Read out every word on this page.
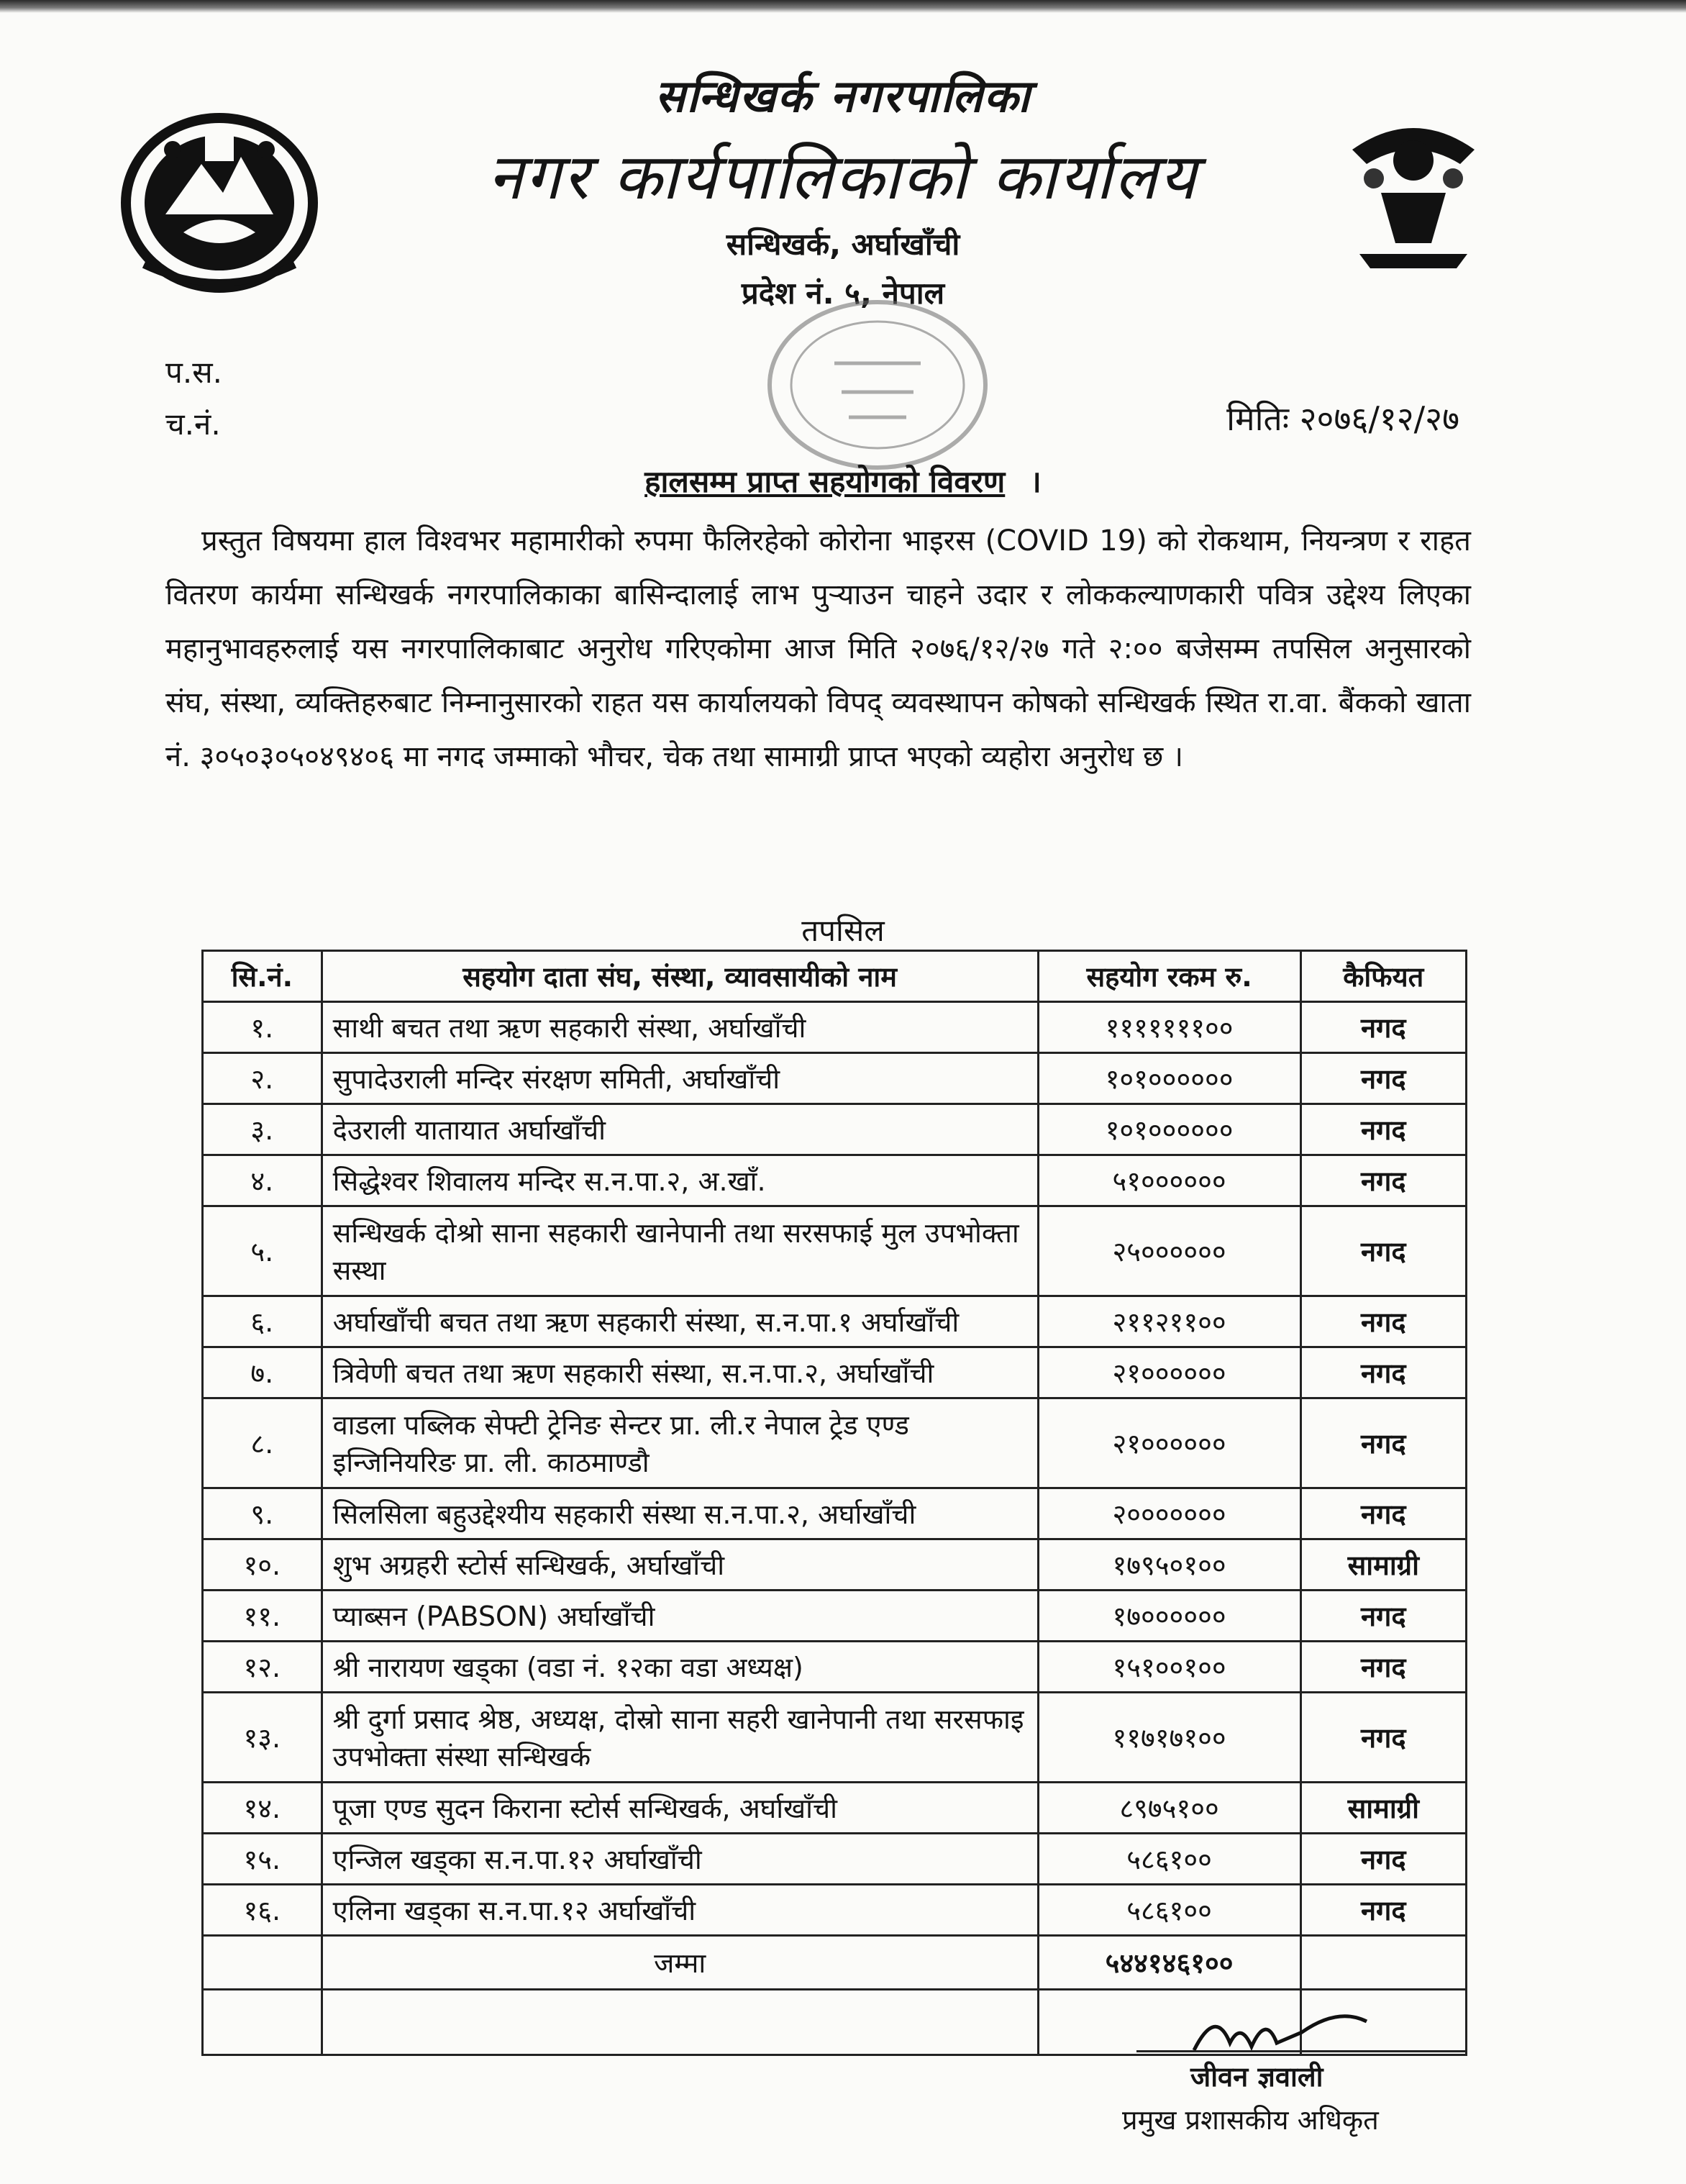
सन्धिखर्क नगरपालिका
नगर कार्यपालिकाको कार्यालय
सन्धिखर्क, अर्घाखाँची
प्रदेश नं. ५, नेपाल
प.स.
च.नं.	मितिः २०७६/१२/२७
हालसम्म प्राप्त सहयोगको विवरण ।
प्रस्तुत विषयमा हाल विश्वभर महामारीको रुपमा फैलिरहेको कोरोना भाइरस (COVID 19) को रोकथाम, नियन्त्रण र राहत वितरण कार्यमा सन्धिखर्क नगरपालिकाका बासिन्दालाई लाभ पुऱ्याउन चाहने उदार र लोककल्याणकारी पवित्र उद्देश्य लिएका महानुभावहरुलाई यस नगरपालिकाबाट अनुरोध गरिएकोमा आज मिति २०७६/१२/२७ गते २:०० बजेसम्म तपसिल अनुसारको संघ, संस्था, व्यक्तिहरुबाट निम्नानुसारको राहत यस कार्यालयको विपद् व्यवस्थापन कोषको सन्धिखर्क स्थित रा.वा. बैंकको खाता नं. ३०५०३०५०४९४०६ मा नगद जम्माको भौचर, चेक तथा सामाग्री प्राप्त भएको व्यहोरा अनुरोध छ ।
तपसिल
सि.नं.	सहयोग दाता संघ, संस्था, व्यावसायीको नाम	सहयोग रकम रु.	कैफियत
१.	साथी बचत तथा ऋण सहकारी संस्था, अर्घाखाँची	१११११११००	नगद
२.	सुपादेउराली मन्दिर संरक्षण समिती, अर्घाखाँची	१०१००००००	नगद
३.	देउराली यातायात अर्घाखाँची	१०१००००००	नगद
४.	सिद्धेश्वर शिवालय मन्दिर स.न.पा.२, अ.खाँ.	५१००००००	नगद
५.	सन्धिखर्क दोश्रो साना सहकारी खानेपानी तथा सरसफाई मुल उपभोक्ता सस्था	२५००००००	नगद
६.	अर्घाखाँची बचत तथा ऋण सहकारी संस्था, स.न.पा.१ अर्घाखाँची	२११२११००	नगद
७.	त्रिवेणी बचत तथा ऋण सहकारी संस्था, स.न.पा.२, अर्घाखाँची	२१००००००	नगद
८.	वाडला पब्लिक सेफ्टी ट्रेनिङ सेन्टर प्रा. ली.र नेपाल ट्रेड एण्ड इन्जिनियरिङ प्रा. ली. काठमाण्डौ	२१००००००	नगद
९.	सिलसिला बहुउद्देश्यीय सहकारी संस्था स.न.पा.२, अर्घाखाँची	२०००००००	नगद
१०.	शुभ अग्रहरी स्टोर्स सन्धिखर्क, अर्घाखाँची	१७९५०१००	सामाग्री
११.	प्याब्सन (PABSON) अर्घाखाँची	१७००००००	नगद
१२.	श्री नारायण खड्का (वडा नं. १२का वडा अध्यक्ष)	१५१००१००	नगद
१३.	श्री दुर्गा प्रसाद श्रेष्ठ, अध्यक्ष, दोस्रो साना सहरी खानेपानी तथा सरसफाइ उपभोक्ता संस्था सन्धिखर्क	११७१७१००	नगद
१४.	पूजा एण्ड सुदन किराना स्टोर्स सन्धिखर्क, अर्घाखाँची	८९७५१००	सामाग्री
१५.	एन्जिल खड्का स.न.पा.१२ अर्घाखाँची	५८६१००	नगद
१६.	एलिना खड्का स.न.पा.१२ अर्घाखाँची	५८६१००	नगद
	जम्मा	५४४१४६१००	

जीवन ज्ञवाली
प्रमुख प्रशासकीय अधिकृत
